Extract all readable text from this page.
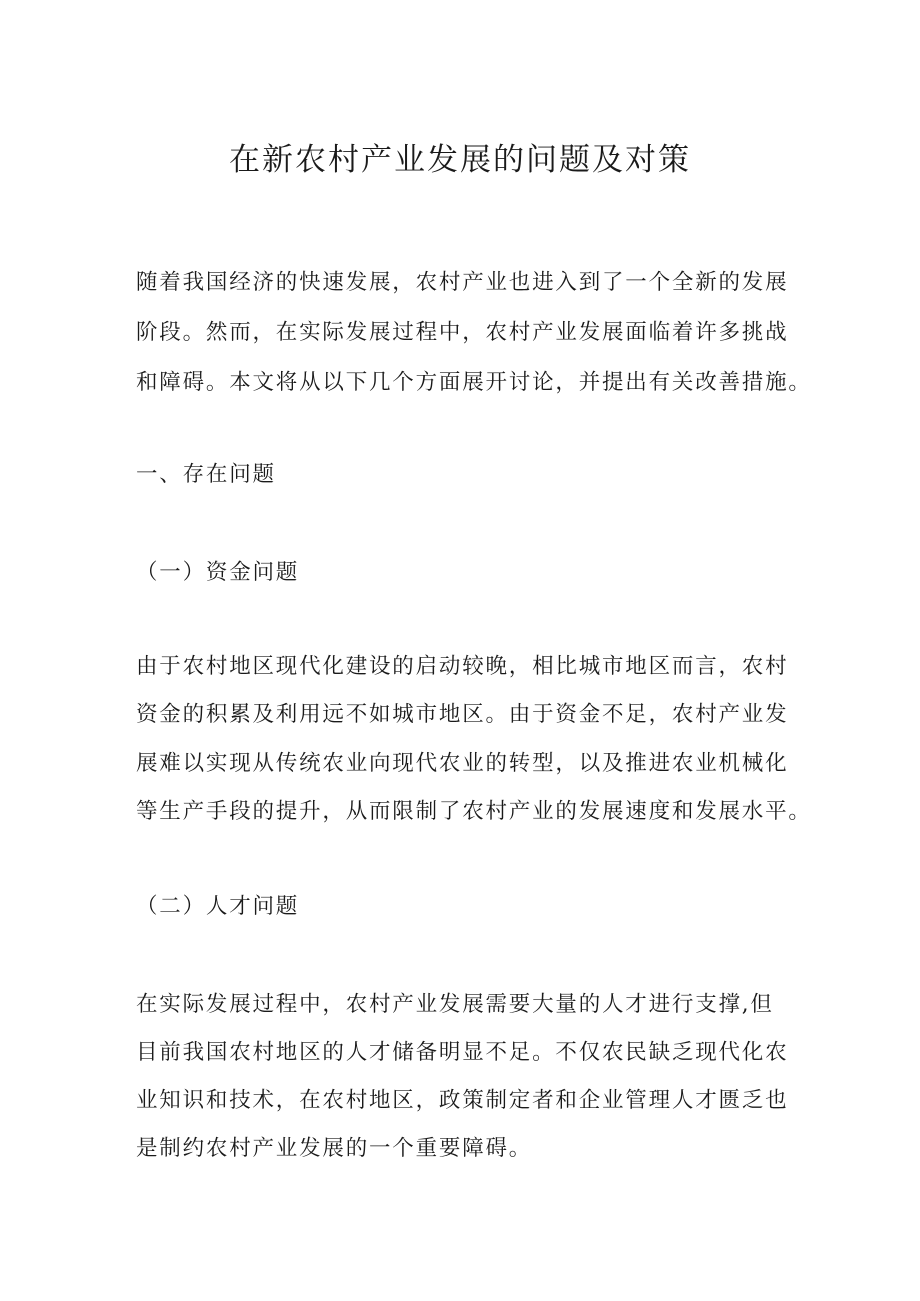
在新农村产业发展的问题及对策
随着我国经济的快速发展，农村产业也进入到了一个全新的发展
阶段。然而，在实际发展过程中，农村产业发展面临着许多挑战
和障碍。本文将从以下几个方面展开讨论，并提出有关改善措施。
一、存在问题
（一）资金问题
由于农村地区现代化建设的启动较晚，相比城市地区而言，农村
资金的积累及利用远不如城市地区。由于资金不足，农村产业发
展难以实现从传统农业向现代农业的转型，以及推进农业机械化
等生产手段的提升，从而限制了农村产业的发展速度和发展水平。
（二）人才问题
在实际发展过程中，农村产业发展需要大量的人才进行支撑,但
目前我国农村地区的人才储备明显不足。不仅农民缺乏现代化农
业知识和技术，在农村地区，政策制定者和企业管理人才匮乏也
是制约农村产业发展的一个重要障碍。
